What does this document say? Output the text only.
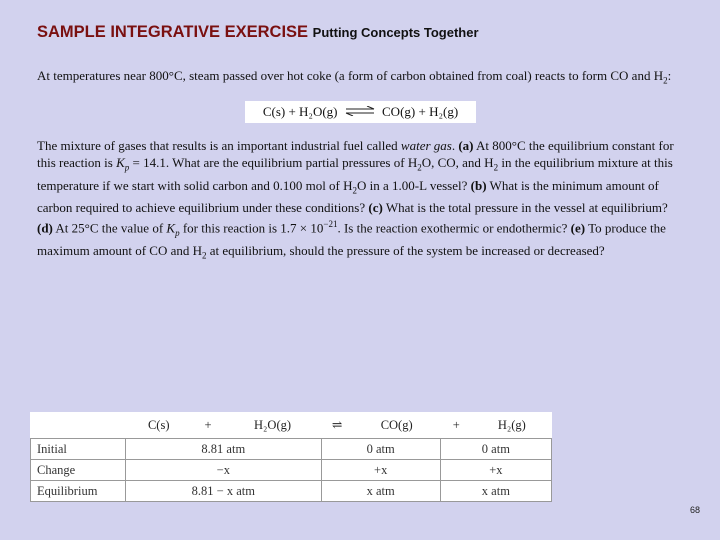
SAMPLE INTEGRATIVE EXERCISE Putting Concepts Together
At temperatures near 800°C, steam passed over hot coke (a form of carbon obtained from coal) reacts to form CO and $H_2$:
C(s) + H₂O(g) ⇌ CO(g) + H₂(g)
The mixture of gases that results is an important industrial fuel called water gas. (a) At 800°C the equilibrium constant for this reaction is $K_p = 14.1$. What are the equilibrium partial pressures of $H_2O$, CO, and $H_2$ in the equilibrium mixture at this temperature if we start with solid carbon and 0.100 mol of $H_2O$ in a 1.00-L vessel? (b) What is the minimum amount of carbon required to achieve equilibrium under these conditions? (c) What is the total pressure in the vessel at equilibrium? (d) At 25°C the value of $K_p$ for this reaction is $1.7 \times 10^{-21}$. Is the reaction exothermic or endothermic? (e) To produce the maximum amount of CO and $H_2$ at equilibrium, should the pressure of the system be increased or decreased?
	C(s)	+	H₂O(g)	⇌	CO(g)	+	H₂(g)
Initial	8.81 atm			0 atm		0 atm	
Change	−x			+x		+x	
Equilibrium	8.81 − x atm			x atm		x atm	
68
